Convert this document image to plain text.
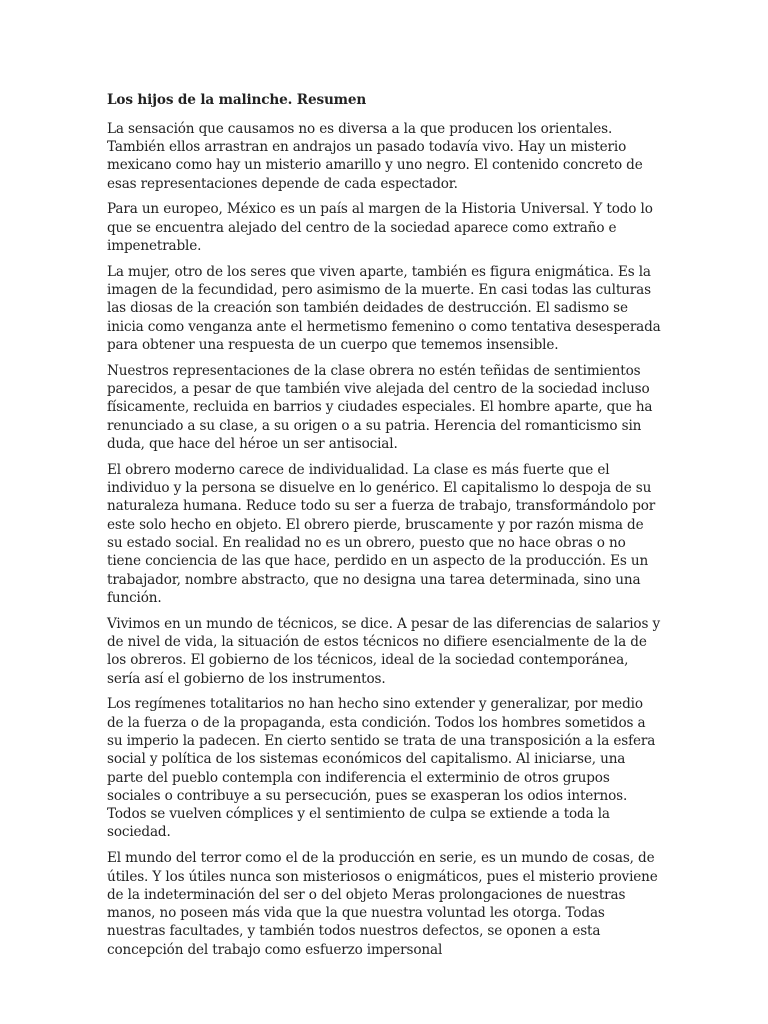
Los hijos de la malinche. Resumen

La sensación que causamos no es diversa a la que producen los orientales. También ellos arrastran en andrajos un pasado todavía vivo. Hay un misterio mexicano como hay un misterio amarillo y uno negro. El contenido concreto de esas representaciones depende de cada espectador.

Para un europeo, México es un país al margen de la Historia Universal. Y todo lo que se encuentra alejado del centro de la sociedad aparece como extraño e impenetrable.

La mujer, otro de los seres que viven aparte, también es figura enigmática. Es la imagen de la fecundidad, pero asimismo de la muerte. En casi todas las culturas las diosas de la creación son también deidades de destrucción. El sadismo se inicia como venganza ante el hermetismo femenino o como tentativa desesperada para obtener una respuesta de un cuerpo que tememos insensible.

Nuestros representaciones de la clase obrera no estén teñidas de sentimientos parecidos, a pesar de que también vive alejada del centro de la sociedad incluso físicamente, recluida en barrios y ciudades especiales. El hombre aparte, que ha renunciado a su clase, a su origen o a su patria. Herencia del romanticismo sin duda, que hace del héroe un ser antisocial.

El obrero moderno carece de individualidad. La clase es más fuerte que el individuo y la persona se disuelve en lo genérico. El capitalismo lo despoja de su naturaleza humana. Reduce todo su ser a fuerza de trabajo, transformándolo por este solo hecho en objeto. El obrero pierde, bruscamente y por razón misma de su estado social. En realidad no es un obrero, puesto que no hace obras o no tiene conciencia de las que hace, perdido en un aspecto de la producción. Es un trabajador, nombre abstracto, que no designa una tarea determinada, sino una función.

Vivimos en un mundo de técnicos, se dice. A pesar de las diferencias de salarios y de nivel de vida, la situación de estos técnicos no difiere esencialmente de la de los obreros. El gobierno de los técnicos, ideal de la sociedad contemporánea, sería así el gobierno de los instrumentos.

Los regímenes totalitarios no han hecho sino extender y generalizar, por medio de la fuerza o de la propaganda, esta condición. Todos los hombres sometidos a su imperio la padecen. En cierto sentido se trata de una transposición a la esfera social y política de los sistemas económicos del capitalismo. Al iniciarse, una parte del pueblo contempla con indiferencia el exterminio de otros grupos sociales o contribuye a su persecución, pues se exasperan los odios internos. Todos se vuelven cómplices y el sentimiento de culpa se extiende a toda la sociedad.

El mundo del terror como el de la producción en serie, es un mundo de cosas, de útiles. Y los útiles nunca son misteriosos o enigmáticos, pues el misterio proviene de la indeterminación del ser o del objeto Meras prolongaciones de nuestras manos, no poseen más vida que la que nuestra voluntad les otorga. Todas nuestras facultades, y también todos nuestros defectos, se oponen a esta concepción del trabajo como esfuerzo impersonal
